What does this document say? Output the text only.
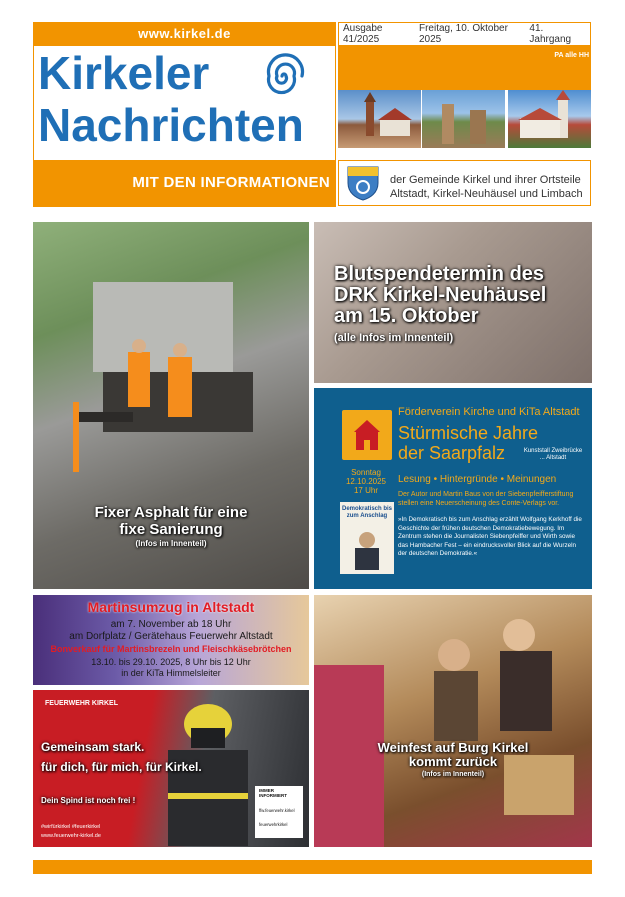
www.kirkel.de
Kirkeler
Nachrichten
MIT DEN INFORMATIONEN
Ausgabe 41/2025
Freitag, 10. Oktober 2025
41. Jahrgang
PA alle HH
der Gemeinde Kirkel und ihrer Ortsteile
Altstadt, Kirkel-Neuhäusel und Limbach
Fixer Asphalt für eine
fixe Sanierung
(Infos im Innenteil)
Blutspendetermin des
DRK Kirkel-Neuhäusel
am 15. Oktober
(alle Infos im Innenteil)
Förderverein Kirche und KiTa Altstadt
Stürmische Jahre
der Saarpfalz	Kunststall Zweibrücke ... Altstadt
Sonntag
12.10.2025
17 Uhr
Lesung • Hintergründe • Meinungen
Demokratisch bis zum Anschlag
Der Autor und Martin Baus von der Siebenpfeifferstiftung stellen eine Neuerscheinung des Conte-Verlags vor.
»In Demokratisch bis zum Anschlag erzählt Wolfgang Kerkhoff die Geschichte der frühen deutschen Demokratiebewegung. Im Zentrum stehen die Journalisten Siebenpfeiffer und Wirth sowie das Hambacher Fest – ein eindrucksvoller Blick auf die Wurzeln der deutschen Demokratie.«
Martinsumzug in Altstadt
am 7. November ab 18 Uhr
am Dorfplatz / Gerätehaus Feuerwehr Altstadt
Bonverkauf für Martinsbrezeln und Fleischkäsebrötchen
13.10. bis 29.10. 2025, 8 Uhr bis 12 Uhr
in der KiTa Himmelsleiter
FEUERWEHR KIRKEL
Gemeinsam stark.
für dich, für mich, für Kirkel.
Dein Spind ist noch frei !
#wirfürkirkel #feuerkirkel
www.feuerwehr-kirkel.de
IMMER INFORMIERT
ffw.feuerwehr.kirkel
feuerwehrkirkel
Weinfest auf Burg Kirkel
kommt zurück
(Infos im Innenteil)
